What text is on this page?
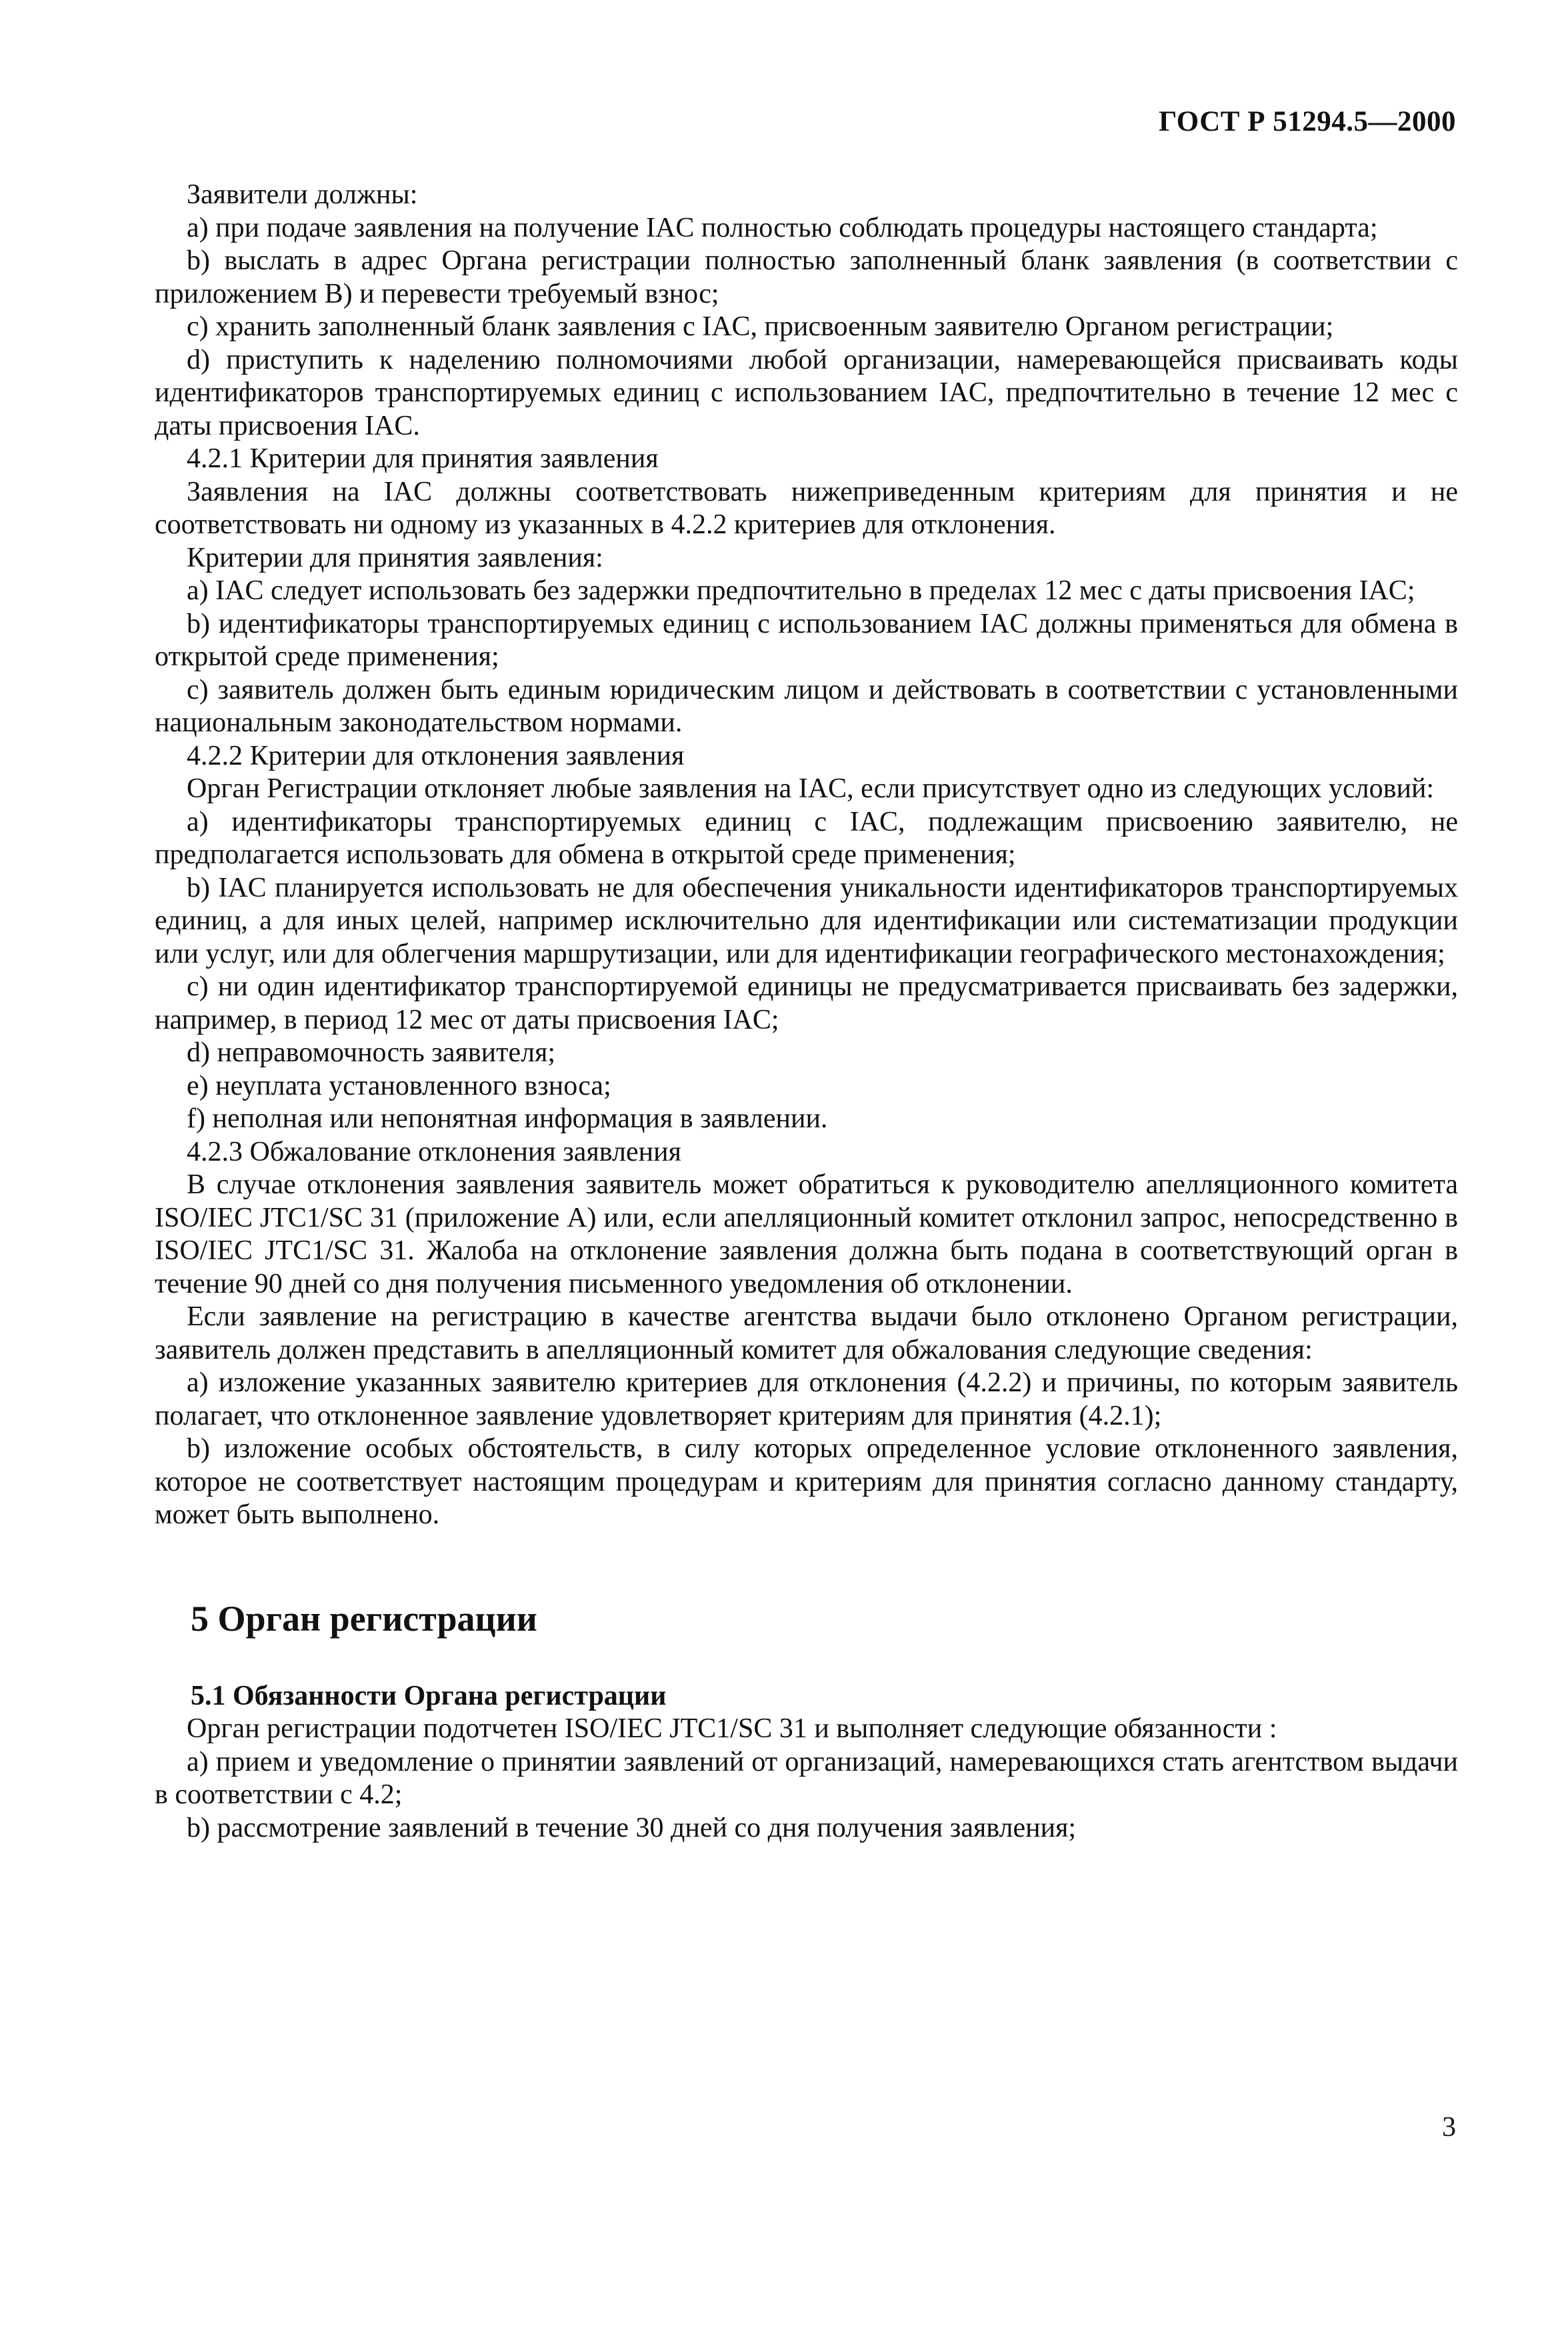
ГОСТ Р 51294.5—2000

Заявители должны:

a) при подаче заявления на получение IAC полностью соблюдать процедуры настоящего стандарта;

b) выслать в адрес Органа регистрации полностью заполненный бланк заявления (в соответствии с приложением B) и перевести требуемый взнос;

c) хранить заполненный бланк заявления с IAC, присвоенным заявителю Органом регистрации;

d) приступить к наделению полномочиями любой организации, намеревающейся присваивать коды идентификаторов транспортируемых единиц с использованием IAC, предпочтительно в течение 12 мес с даты присвоения IAC.

4.2.1 Критерии для принятия заявления

Заявления на IAC должны соответствовать нижеприведенным критериям для принятия и не соответствовать ни одному из указанных в 4.2.2 критериев для отклонения.

Критерии для принятия заявления:

a) IAC следует использовать без задержки предпочтительно в пределах 12 мес с даты присвоения IAC;

b) идентификаторы транспортируемых единиц с использованием IAC должны применяться для обмена в открытой среде применения;

c) заявитель должен быть единым юридическим лицом и действовать в соответствии с установленными национальным законодательством нормами.

4.2.2 Критерии для отклонения заявления

Орган Регистрации отклоняет любые заявления на IAC, если присутствует одно из следующих условий:

a) идентификаторы транспортируемых единиц с IAC, подлежащим присвоению заявителю, не предполагается использовать для обмена в открытой среде применения;

b) IAC планируется использовать не для обеспечения уникальности идентификаторов транспортируемых единиц, а для иных целей, например исключительно для идентификации или систематизации продукции или услуг, или для облегчения маршрутизации, или для идентификации географического местонахождения;

c) ни один идентификатор транспортируемой единицы не предусматривается присваивать без задержки, например, в период 12 мес от даты присвоения IAC;

d) неправомочность заявителя;

e) неуплата установленного взноса;

f) неполная или непонятная информация в заявлении.

4.2.3 Обжалование отклонения заявления

В случае отклонения заявления заявитель может обратиться к руководителю апелляционного комитета ISO/IEC JTC1/SC 31 (приложение A) или, если апелляционный комитет отклонил запрос, непосредственно в ISO/IEC JTC1/SC 31. Жалоба на отклонение заявления должна быть подана в соответствующий орган в течение 90 дней со дня получения письменного уведомления об отклонении.

Если заявление на регистрацию в качестве агентства выдачи было отклонено Органом регистрации, заявитель должен представить в апелляционный комитет для обжалования следующие сведения:

a) изложение указанных заявителю критериев для отклонения (4.2.2) и причины, по которым заявитель полагает, что отклоненное заявление удовлетворяет критериям для принятия (4.2.1);

b) изложение особых обстоятельств, в силу которых определенное условие отклоненного заявления, которое не соответствует настоящим процедурам и критериям для принятия согласно данному стандарту, может быть выполнено.

5 Орган регистрации
5.1 Обязанности Органа регистрации

Орган регистрации подотчетен ISO/IEC JTC1/SC 31 и выполняет следующие обязанности :

a) прием и уведомление о принятии заявлений от организаций, намеревающихся стать агентством выдачи в соответствии с 4.2;

b) рассмотрение заявлений в течение 30 дней со дня получения заявления;

3
